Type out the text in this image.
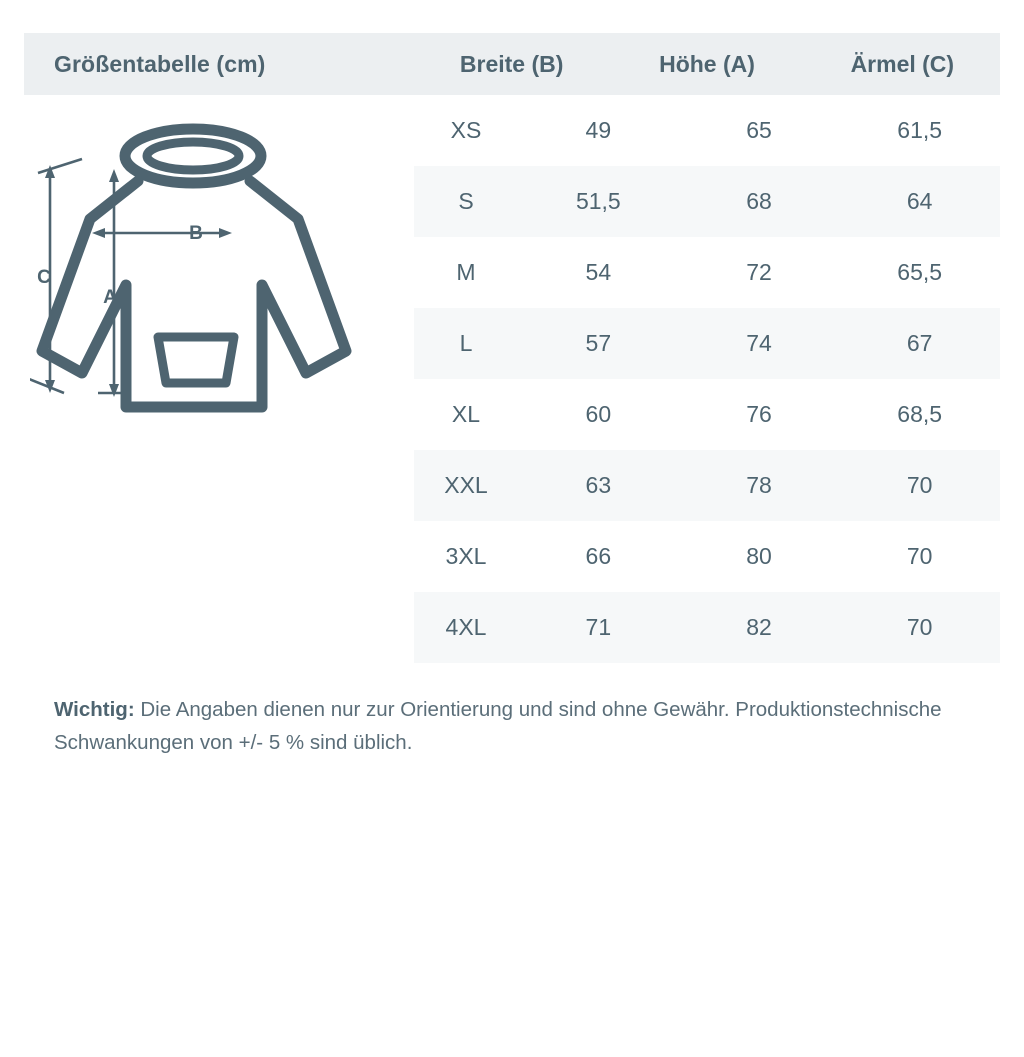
Größentabelle (cm)	Breite (B)	Höhe (A)	Ärmel (C)
A
B
C
XS	49	65	61,5
S	51,5	68	64
M	54	72	65,5
L	57	74	67
XL	60	76	68,5
XXL	63	78	70
3XL	66	80	70
4XL	71	82	70
Wichtig: Die Angaben dienen nur zur Orientierung und sind ohne Gewähr. Produktionstechnische Schwankungen von +/- 5 % sind üblich.
